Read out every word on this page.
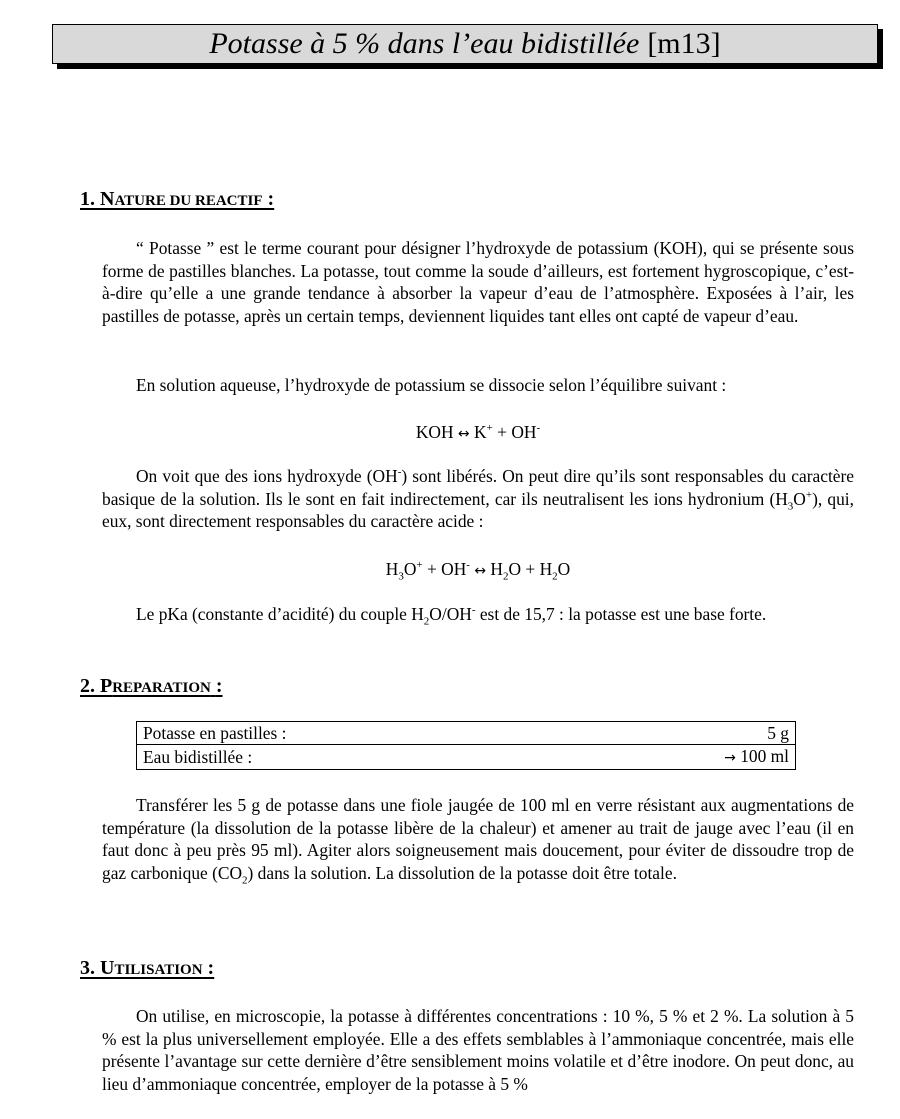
Potasse à 5 % dans l’eau bidistillée [m13]
1. NATURE DU REACTIF :
“ Potasse ” est le terme courant pour désigner l’hydroxyde de potassium (KOH), qui se présente sous forme de pastilles blanches. La potasse, tout comme la soude d’ailleurs, est fortement hygroscopique, c’est-à-dire qu’elle a une grande tendance à absorber la vapeur d’eau de l’atmosphère. Exposées à l’air, les pastilles de potasse, après un certain temps, deviennent liquides tant elles ont capté de vapeur d’eau.
En solution aqueuse, l’hydroxyde de potassium se dissocie selon l’équilibre suivant :
KOH ↔ K+ + OH-
On voit que des ions hydroxyde (OH-) sont libérés. On peut dire qu’ils sont responsables du caractère basique de la solution. Ils le sont en fait indirectement, car ils neutralisent les ions hydronium $(H_3O^+)$, qui, eux, sont directement responsables du caractère acide :
$H_3O^+ + OH^-$ ↔ $H_2O + H_2O$
Le pKa (constante d’acidité) du couple $H_2O/OH^-$ est de 15,7 : la potasse est une base forte.
2. PREPARATION :
Potasse en pastilles :	5 g
Eau bidistillée :	→ 100 ml
Transférer les 5 g de potasse dans une fiole jaugée de 100 ml en verre résistant aux augmentations de température (la dissolution de la potasse libère de la chaleur) et amener au trait de jauge avec l’eau (il en faut donc à peu près 95 ml). Agiter alors soigneusement mais doucement, pour éviter de dissoudre trop de gaz carbonique $(CO_2)$ dans la solution. La dissolution de la potasse doit être totale.
3. UTILISATION :
On utilise, en microscopie, la potasse à différentes concentrations : 10 %, 5 % et 2 %. La solution à 5 % est la plus universellement employée. Elle a des effets semblables à l’ammoniaque concentrée, mais elle présente l’avantage sur cette dernière d’être sensiblement moins volatile et d’être inodore. On peut donc, au lieu d’ammoniaque concentrée, employer de la potasse à 5 %
